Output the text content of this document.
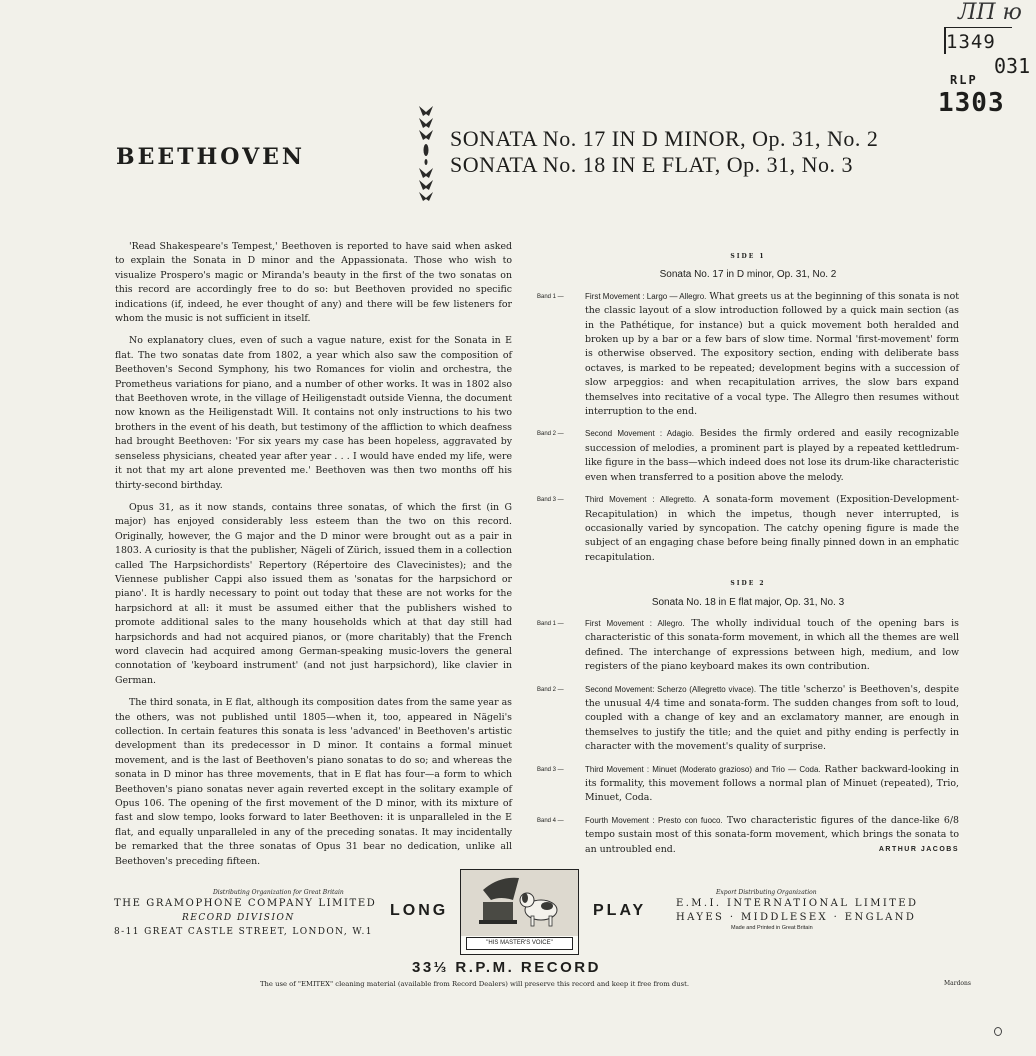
ЛП ю
1349
031
RLP
1303
BEETHOVEN
SONATA No. 17 IN D MINOR, Op. 31, No. 2
SONATA No. 18 IN E FLAT, Op. 31, No. 3

'Read Shakespeare's Tempest,' Beethoven is reported to have said when asked to explain the Sonata in D minor and the Appassionata. Those who wish to visualize Prospero's magic or Miranda's beauty in the first of the two sonatas on this record are accordingly free to do so: but Beethoven provided no specific indications (if, indeed, he ever thought of any) and there will be few listeners for whom the music is not sufficient in itself.

No explanatory clues, even of such a vague nature, exist for the Sonata in E flat. The two sonatas date from 1802, a year which also saw the composition of Beethoven's Second Symphony, his two Romances for violin and orchestra, the Prometheus variations for piano, and a number of other works. It was in 1802 also that Beethoven wrote, in the village of Heiligenstadt outside Vienna, the document now known as the Heiligenstadt Will. It contains not only instructions to his two brothers in the event of his death, but testimony of the affliction to which deafness had brought Beethoven: 'For six years my case has been hopeless, aggravated by senseless physicians, cheated year after year . . . I would have ended my life, were it not that my art alone prevented me.' Beethoven was then two months off his thirty-second birthday.

Opus 31, as it now stands, contains three sonatas, of which the first (in G major) has enjoyed considerably less esteem than the two on this record. Originally, however, the G major and the D minor were brought out as a pair in 1803. A curiosity is that the publisher, Nägeli of Zürich, issued them in a collection called The Harpsichordists' Repertory (Répertoire des Clavecinistes); and the Viennese publisher Cappi also issued them as 'sonatas for the harpsichord or piano'. It is hardly necessary to point out today that these are not works for the harpsichord at all: it must be assumed either that the publishers wished to promote additional sales to the many households which at that day still had harpsichords and had not acquired pianos, or (more charitably) that the French word clavecin had acquired among German-speaking music-lovers the general connotation of 'keyboard instrument' (and not just harpsichord), like clavier in German.

The third sonata, in E flat, although its composition dates from the same year as the others, was not published until 1805—when it, too, appeared in Nägeli's collection. In certain features this sonata is less 'advanced' in Beethoven's artistic development than its predecessor in D minor. It contains a formal minuet movement, and is the last of Beethoven's piano sonatas to do so; and whereas the sonata in D minor has three movements, that in E flat has four—a form to which Beethoven's piano sonatas never again reverted except in the solitary example of Opus 106. The opening of the first movement of the D minor, with its mixture of fast and slow tempo, looks forward to later Beethoven: it is unparalleled in the E flat, and equally unparalleled in any of the preceding sonatas. It may incidentally be remarked that the three sonatas of Opus 31 bear no dedication, unlike all Beethoven's preceding fifteen.

SIDE 1
Sonata No. 17 in D minor, Op. 31, No. 2
Band 1 —	First Movement : Largo — Allegro. What greets us at the beginning of this sonata is not the classic layout of a slow introduction followed by a quick main section (as in the Pathétique, for instance) but a quick movement both heralded and broken up by a bar or a few bars of slow time. Normal 'first-movement' form is otherwise observed. The expository section, ending with deliberate bass octaves, is marked to be repeated; development begins with a succession of slow arpeggios: and when recapitulation arrives, the slow bars expand themselves into recitative of a vocal type. The Allegro then resumes without interruption to the end.
Band 2 —	Second Movement : Adagio. Besides the firmly ordered and easily recognizable succession of melodies, a prominent part is played by a repeated kettledrum-like figure in the bass—which indeed does not lose its drum-like characteristic even when transferred to a position above the melody.
Band 3 —	Third Movement : Allegretto. A sonata-form movement (Exposition-Development-Recapitulation) in which the impetus, though never interrupted, is occasionally varied by syncopation. The catchy opening figure is made the subject of an engaging chase before being finally pinned down in an emphatic recapitulation.
SIDE 2
Sonata No. 18 in E flat major, Op. 31, No. 3
Band 1 —	First Movement : Allegro. The wholly individual touch of the opening bars is characteristic of this sonata-form movement, in which all the themes are well defined. The interchange of expressions between high, medium, and low registers of the piano keyboard makes its own contribution.
Band 2 —	Second Movement: Scherzo (Allegretto vivace). The title 'scherzo' is Beethoven's, despite the unusual 4/4 time and sonata-form. The sudden changes from soft to loud, coupled with a change of key and an exclamatory manner, are enough in themselves to justify the title; and the quiet and pithy ending is perfectly in character with the movement's quality of surprise.
Band 3 —	Third Movement : Minuet (Moderato grazioso) and Trio — Coda. Rather backward-looking in its formality, this movement follows a normal plan of Minuet (repeated), Trio, Minuet, Coda.
Band 4 —	Fourth Movement : Presto con fuoco. Two characteristic figures of the dance-like 6/8 tempo sustain most of this sonata-form movement, which brings the sonata to an untroubled end.	ARTHUR JACOBS
Distributing Organization for Great Britain
THE GRAMOPHONE COMPANY LIMITED
RECORD DIVISION
8-11 GREAT CASTLE STREET, LONDON, W.1
LONG
"HIS MASTER'S VOICE"
PLAY
Export Distributing Organization
E.M.I. INTERNATIONAL LIMITED
HAYES · MIDDLESEX · ENGLAND
Made and Printed in Great Britain
33⅓ R.P.M. RECORD
The use of "EMITEX" cleaning material (available from Record Dealers) will preserve this record and keep it free from dust.	Mardons
